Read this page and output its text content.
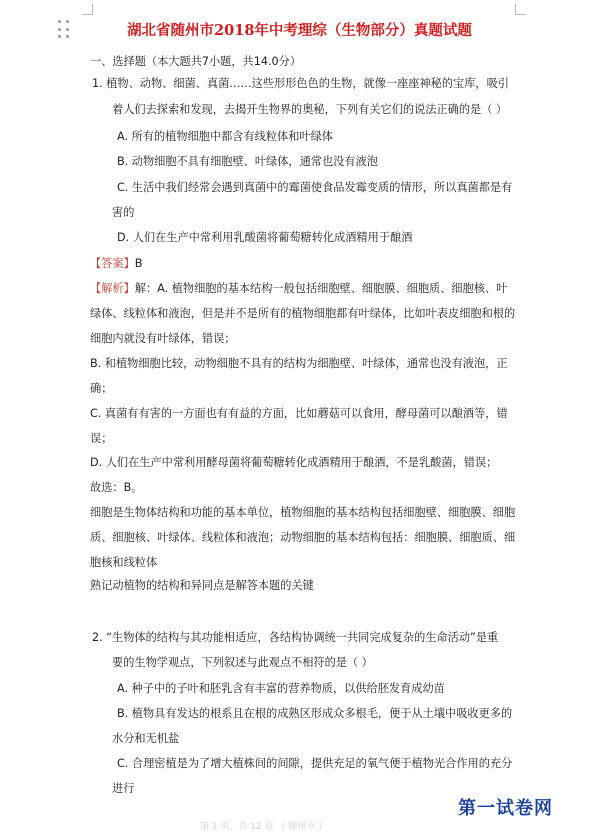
湖北省随州市2018年中考理综（生物部分）真题试题
一、选择题（本大题共7小题，共14.0分）
1. 植物、动物、细菌、真菌……这些形形色色的生物，就像一座座神秘的宝库，吸引
着人们去探索和发现，去揭开生物界的奥秘，下列有关它们的说法正确的是（ ）
A. 所有的植物细胞中都含有线粒体和叶绿体
B. 动物细胞不具有细胞壁、叶绿体，通常也没有液泡
C. 生活中我们经常会遇到真菌中的霉菌使食品发霉变质的情形，所以真菌都是有
害的
D. 人们在生产中常利用乳酸菌将葡萄糖转化成酒精用于酿酒
【答案】B
【解析】解：A. 植物细胞的基本结构一般包括细胞壁、细胞膜、细胞质、细胞核、叶
绿体、线粒体和液泡，但是并不是所有的植物细胞都有叶绿体，比如叶表皮细胞和根的
细胞内就没有叶绿体，错误；
B. 和植物细胞比较，动物细胞不具有的结构为细胞壁、叶绿体，通常也没有液泡，正
确；
C. 真菌有有害的一方面也有有益的方面，比如蘑菇可以食用，酵母菌可以酿酒等，错
误；
D. 人们在生产中常利用酵母菌将葡萄糖转化成酒精用于酿酒，不是乳酸菌，错误；
故选：B。
细胞是生物体结构和功能的基本单位，植物细胞的基本结构包括细胞壁、细胞膜、细胞
质、细胞核、叶绿体、线粒体和液泡；动物细胞的基本结构包括：细胞膜、细胞质、细
胞核和线粒体
熟记动植物的结构和异同点是解答本题的关键
2. “生物体的结构与其功能相适应，各结构协调统一共同完成复杂的生命活动”是重
要的生物学观点，下列叙述与此观点不相符的是（ ）
A. 种子中的子叶和胚乳含有丰富的营养物质，以供给胚发育成幼苗
B. 植物具有发达的根系且在根的成熟区形成众多根毛，便于从土壤中吸收更多的
水分和无机盐
C. 合理密植是为了增大植株间的间隙，提供充足的氧气便于植物光合作用的充分
进行
第一试卷网
第 1 页，共 12 页 （ 随州市 ）
